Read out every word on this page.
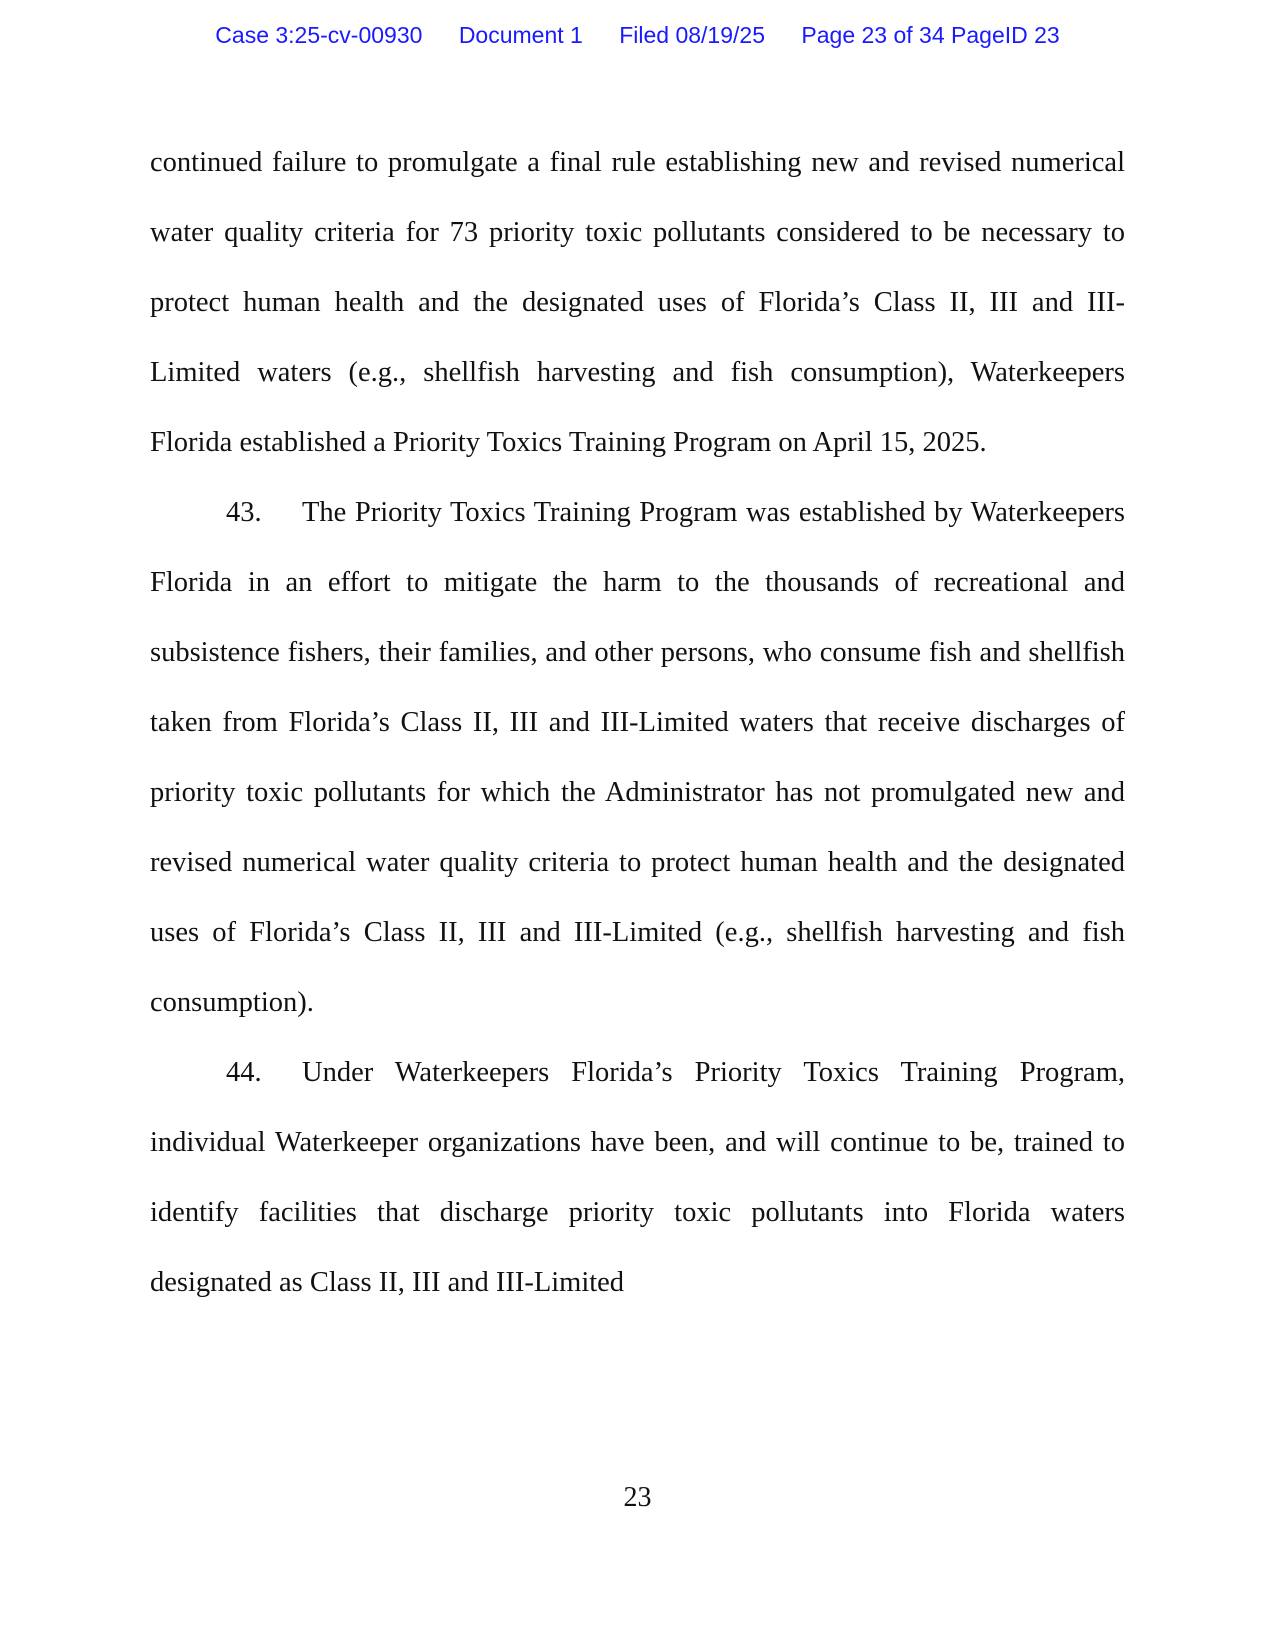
Case 3:25-cv-00930 Document 1 Filed 08/19/25 Page 23 of 34 PageID 23

continued failure to promulgate a final rule establishing new and revised numerical water quality criteria for 73 priority toxic pollutants considered to be necessary to protect human health and the designated uses of Florida’s Class II, III and III-Limited waters (e.g., shellfish harvesting and fish consumption), Waterkeepers Florida established a Priority Toxics Training Program on April 15, 2025.

43. The Priority Toxics Training Program was established by Waterkeepers Florida in an effort to mitigate the harm to the thousands of recreational and subsistence fishers, their families, and other persons, who consume fish and shellfish taken from Florida’s Class II, III and III-Limited waters that receive discharges of priority toxic pollutants for which the Administrator has not promulgated new and revised numerical water quality criteria to protect human health and the designated uses of Florida’s Class II, III and III-Limited (e.g., shellfish harvesting and fish consumption).

44. Under Waterkeepers Florida’s Priority Toxics Training Program, individual Waterkeeper organizations have been, and will continue to be, trained to identify facilities that discharge priority toxic pollutants into Florida waters designated as Class II, III and III-Limited

23
